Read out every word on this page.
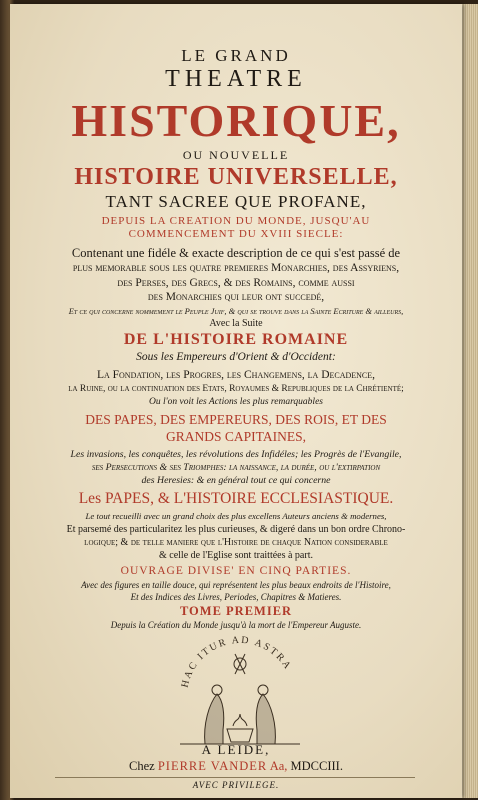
LE GRAND
THEATRE
HISTORIQUE,
OU NOUVELLE
HISTOIRE UNIVERSELLE,
TANT SACREE QUE PROFANE,
DEPUIS LA CREATION DU MONDE, JUSQU'AU
COMMENCEMENT DU XVIII SIECLE:
Contenant une fidéle & exacte description de ce qui s'est passé de
plus memorable sous les quatre premieres Monarchies, des Assyriens,
des Perses, des Grecs, & des Romains, comme aussi
des Monarchies qui leur ont succedé,
Et ce qui concerne nommement le Peuple Juif, & qui se trouve dans la Sainte Ecriture & ailleurs,
Avec la Suite
DE L'HISTOIRE ROMAINE
Sous les Empereurs d'Orient & d'Occident:
La Fondation, les Progres, les Changemens, la Decadence,
la Ruine, ou la continuation des Etats, Royaumes & Republiques de la Chrétienté;
Ou l'on voit les Actions les plus remarquables
DES PAPES, DES EMPEREURS, DES ROIS, ET DES
GRANDS CAPITAINES,
Les invasions, les conquêtes, les révolutions des Infidéles; les Progrès de l'Evangile,
ses Persecutions & ses Triomphes: la naissance, la durée, ou l'extirpation
des Heresies: & en général tout ce qui concerne
Les PAPES, & L'HISTOIRE ECCLESIASTIQUE.
Le tout recueilli avec un grand choix des plus excellens Auteurs anciens & modernes,
Et parsemé des particularitez les plus curieuses, & digeré dans un bon ordre Chrono-
logique; & de telle maniere que l'Histoire de chaque Nation considerable
& celle de l'Eglise sont traittées à part.
OUVRAGE DIVISE' EN CINQ PARTIES.
Avec des figures en taille douce, qui représentent les plus beaux endroits de l'Histoire,
Et des Indices des Livres, Periodes, Chapitres & Matieres.
TOME PREMIER
Depuis la Création du Monde jusqu'à la mort de l'Empereur Auguste.
HAC ITUR AD ASTRA
A LEIDE,
Chez PIERRE VANDER Aa, MDCCIII.
AVEC PRIVILEGE.
